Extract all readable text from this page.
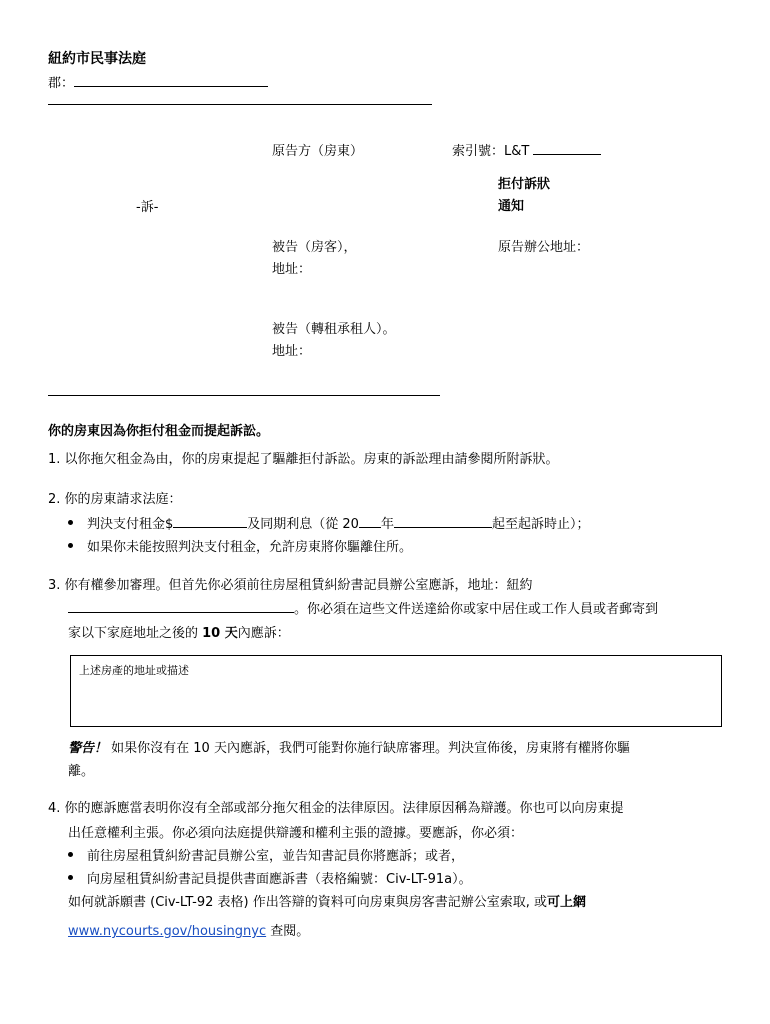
紐約市民事法庭
郡：
原告方（房東）	索引號：L&T
拒付訴狀
通知
-訴-
被告（房客），	原告辦公地址：
地址：
被告（轉租承租人）。
地址：
你的房東因為你拒付租金而提起訴訟。
1. 以你拖欠租金為由，你的房東提起了驅離拒付訴訟。房東的訴訟理由請參閱所附訴狀。
2. 你的房東請求法庭：
判決支付租金$	及同期利息（從 20 年	起至起訴時止）；
如果你未能按照判決支付租金，允許房東將你驅離住所。
3. 你有權參加審理。但首先你必須前往房屋租賃糾紛書記員辦公室應訴，地址：紐約
。你必須在這些文件送達給你或家中居住或工作人員或者郵寄到
家以下家庭地址之後的 10 天內應訴：
上述房產的地址或描述
警告！ 如果你沒有在 10 天內應訴，我們可能對你施行缺席審理。判決宣佈後，房東將有權將你驅
離。
4. 你的應訴應當表明你沒有全部或部分拖欠租金的法律原因。法律原因稱為辯護。你也可以向房東提
出任意權利主張。你必須向法庭提供辯護和權利主張的證據。要應訴，你必須：
前往房屋租賃糾紛書記員辦公室，並告知書記員你將應訴；或者，
向房屋租賃糾紛書記員提供書面應訴書（表格編號：Civ-LT-91a）。
如何就訴願書 (Civ-LT-92 表格) 作出答辯的資料可向房東與房客書記辦公室索取, 或可上網
www.nycourts.gov/housingnyc 查閱。
